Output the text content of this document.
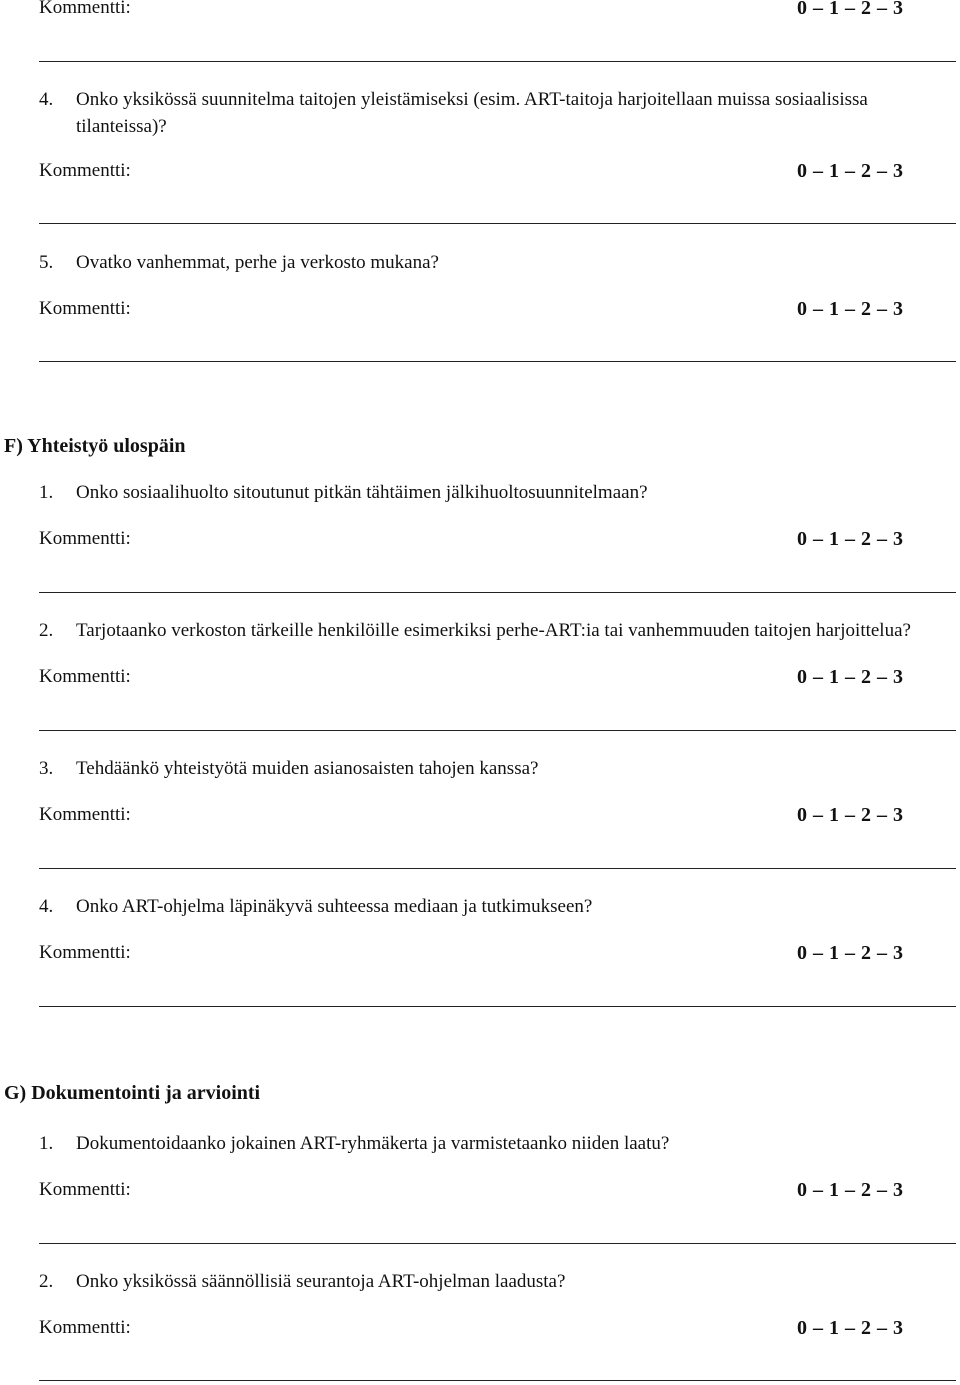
Kommentti:	0 – 1 – 2 – 3
4. Onko yksikössä suunnitelma taitojen yleistämiseksi (esim. ART-taitoja harjoitellaan muissa sosiaalisissa
tilanteissa)?
Kommentti:	0 – 1 – 2 – 3
5. Ovatko vanhemmat, perhe ja verkosto mukana?
Kommentti:	0 – 1 – 2 – 3
F) Yhteistyö ulospäin
1. Onko sosiaalihuolto sitoutunut pitkän tähtäimen jälkihuoltosuunnitelmaan?
Kommentti:	0 – 1 – 2 – 3
2. Tarjotaanko verkoston tärkeille henkilöille esimerkiksi perhe-ART:ia tai vanhemmuuden taitojen harjoittelua?
Kommentti:	0 – 1 – 2 – 3
3. Tehdäänkö yhteistyötä muiden asianosaisten tahojen kanssa?
Kommentti:	0 – 1 – 2 – 3
4. Onko ART-ohjelma läpinäkyvä suhteessa mediaan ja tutkimukseen?
Kommentti:	0 – 1 – 2 – 3
G) Dokumentointi ja arviointi
1. Dokumentoidaanko jokainen ART-ryhmäkerta ja varmistetaanko niiden laatu?
Kommentti:	0 – 1 – 2 – 3
2. Onko yksikössä säännöllisiä seurantoja ART-ohjelman laadusta?
Kommentti:	0 – 1 – 2 – 3
